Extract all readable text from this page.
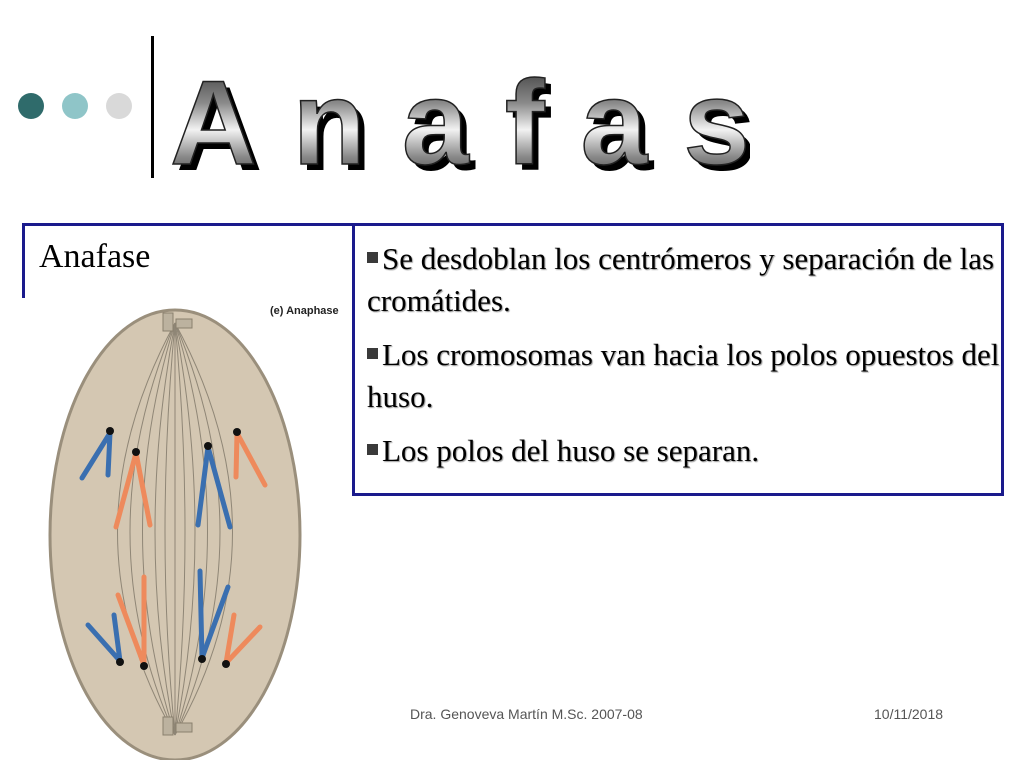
Anafa
Anafa
Anafase	Se desdoblan los centrómeros y separación de las cromátides.
Los cromosomas van hacia los polos opuestos del huso.
Los polos del huso se separan.
(e) Anaphase
Dra. Genoveva Martín M.Sc. 2007-08	10/11/2018
